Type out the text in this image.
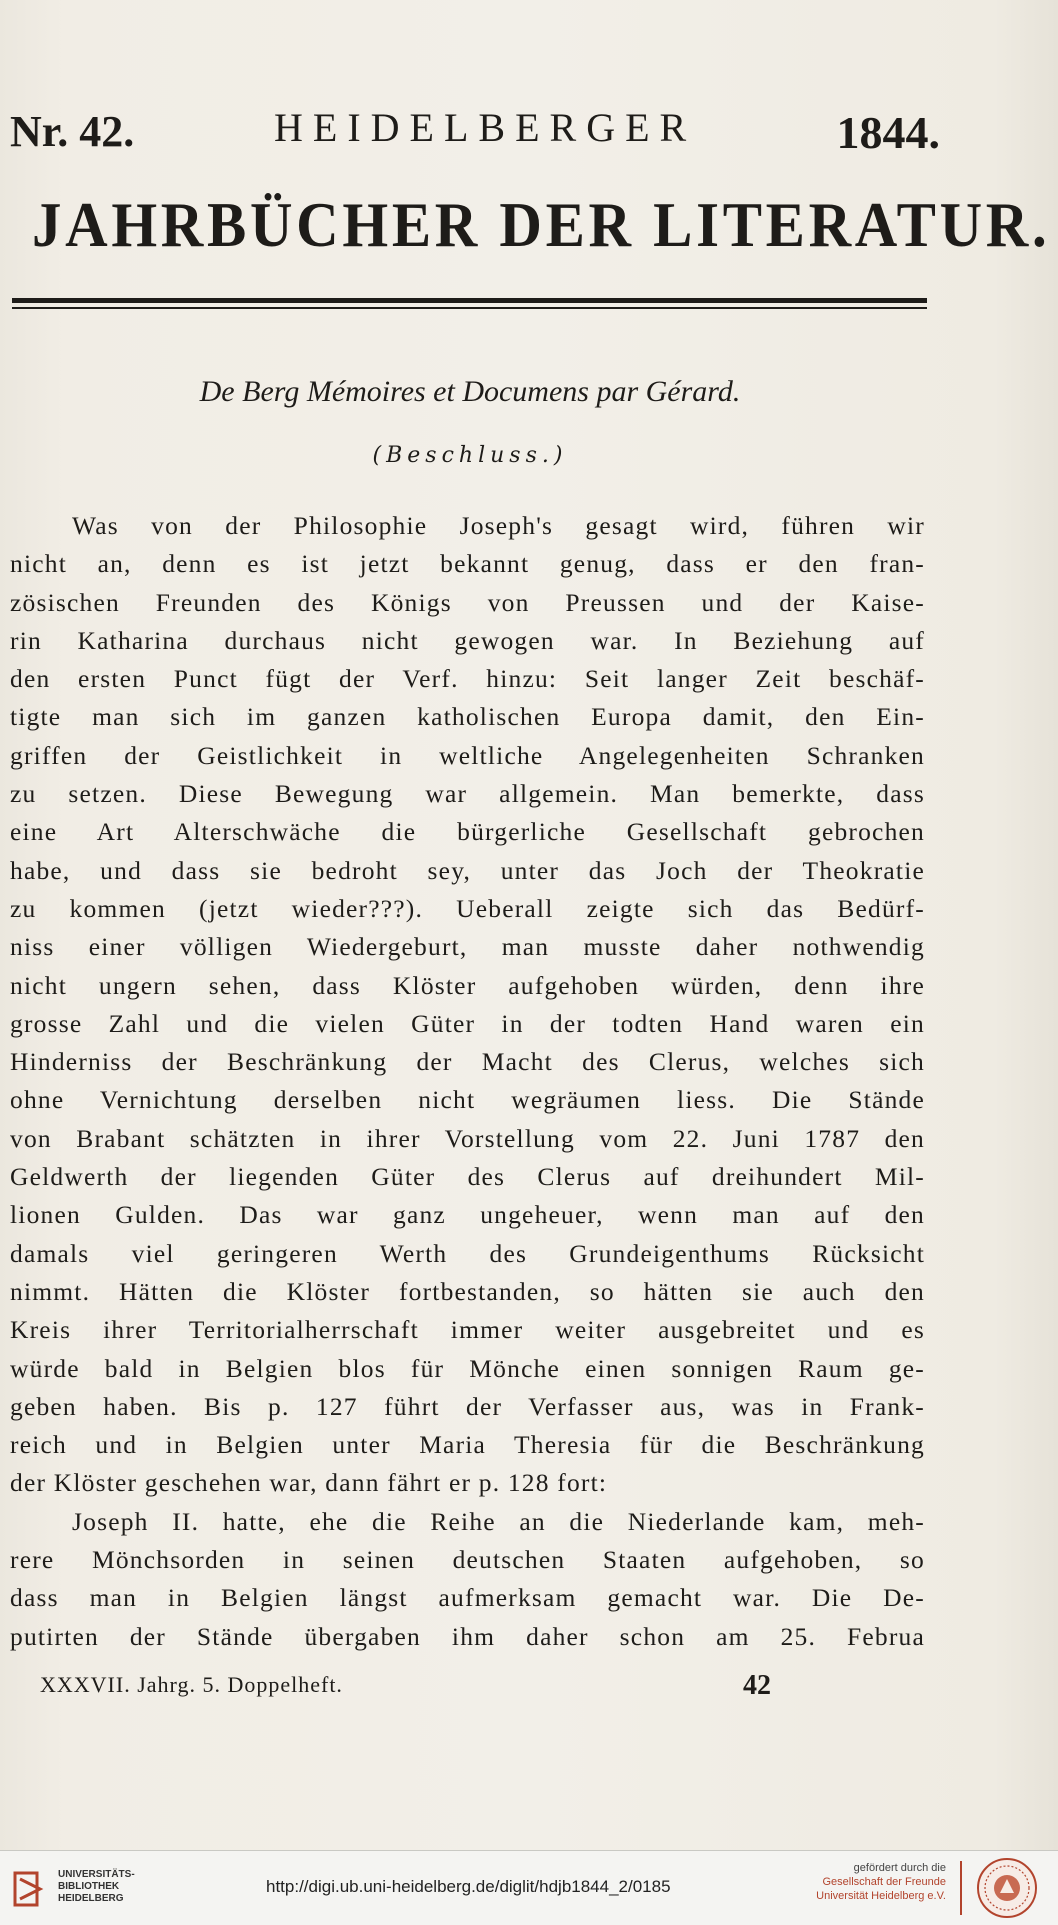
Nr. 42.	HEIDELBERGER	1844.
JAHRBÜCHER DER LITERATUR.
De Berg Mémoires et Documens par Gérard.
(Beschluss.)
Was von der Philosophie Joseph's gesagt wird, führen wir
nicht an, denn es ist jetzt bekannt genug, dass er den fran-
zösischen Freunden des Königs von Preussen und der Kaise-
rin Katharina durchaus nicht gewogen war. In Beziehung auf
den ersten Punct fügt der Verf. hinzu: Seit langer Zeit beschäf-
tigte man sich im ganzen katholischen Europa damit, den Ein-
griffen der Geistlichkeit in weltliche Angelegenheiten Schranken
zu setzen. Diese Bewegung war allgemein. Man bemerkte, dass
eine Art Alterschwäche die bürgerliche Gesellschaft gebrochen
habe, und dass sie bedroht sey, unter das Joch der Theokratie
zu kommen (jetzt wieder???). Ueberall zeigte sich das Bedürf-
niss einer völligen Wiedergeburt, man musste daher nothwendig
nicht ungern sehen, dass Klöster aufgehoben würden, denn ihre
grosse Zahl und die vielen Güter in der todten Hand waren ein
Hinderniss der Beschränkung der Macht des Clerus, welches sich
ohne Vernichtung derselben nicht wegräumen liess. Die Stände
von Brabant schätzten in ihrer Vorstellung vom 22. Juni 1787 den
Geldwerth der liegenden Güter des Clerus auf dreihundert Mil-
lionen Gulden. Das war ganz ungeheuer, wenn man auf den
damals viel geringeren Werth des Grundeigenthums Rücksicht
nimmt. Hätten die Klöster fortbestanden, so hätten sie auch den
Kreis ihrer Territorialherrschaft immer weiter ausgebreitet und es
würde bald in Belgien blos für Mönche einen sonnigen Raum ge-
geben haben. Bis p. 127 führt der Verfasser aus, was in Frank-
reich und in Belgien unter Maria Theresia für die Beschränkung
der Klöster geschehen war, dann fährt er p. 128 fort:
Joseph II. hatte, ehe die Reihe an die Niederlande kam, meh-
rere Mönchsorden in seinen deutschen Staaten aufgehoben, so
dass man in Belgien längst aufmerksam gemacht war. Die De-
putirten der Stände übergaben ihm daher schon am 25. Februa
XXXVII. Jahrg. 5. Doppelheft.	42
UNIVERSITÄTS-
BIBLIOTHEK
HEIDELBERG
http://digi.ub.uni-heidelberg.de/diglit/hdjb1844_2/0185
gefördert durch die
Gesellschaft der Freunde
Universität Heidelberg e.V.
